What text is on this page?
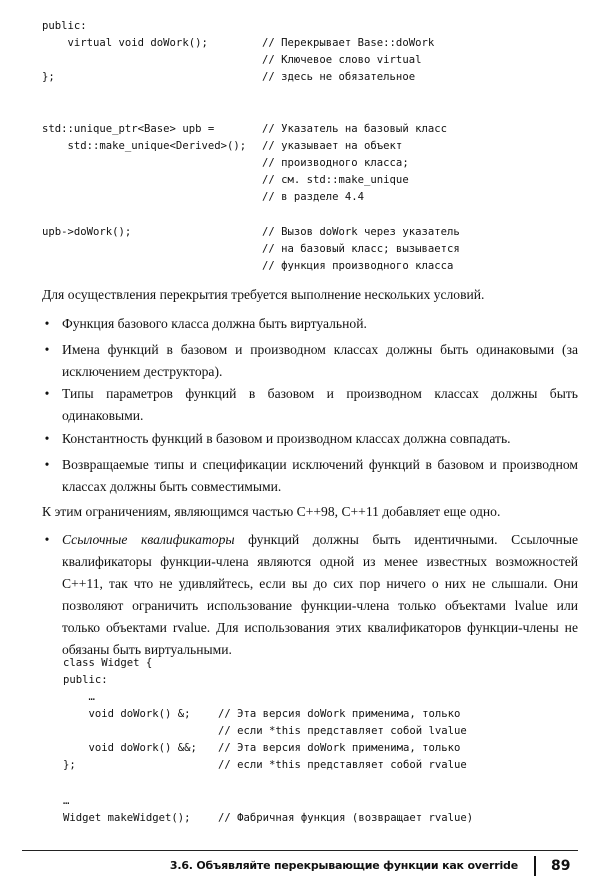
public:
virtual void doWork();	// Перекрывает Base::doWork
// Ключевое слово virtual
};	// здесь не обязательное
std::unique_ptr<Base> upb =	// Указатель на базовый класс
std::make_unique<Derived>(); // указывает на объект
// производного класса;
// см. std::make_unique
// в разделе 4.4
upb->doWork();	// Вызов doWork через указатель
// на базовый класс; вызывается
// функция производного класса

Для осуществления перекрытия требуется выполнение нескольких условий.

• Функция базового класса должна быть виртуальной.

• Имена функций в базовом и производном классах должны быть одинаковыми (за исключением деструктора).

• Типы параметров функций в базовом и производном классах должны быть одинаковыми.

• Константность функций в базовом и производном классах должна совпадать.

• Возвращаемые типы и спецификации исключений функций в базовом и производном классах должны быть совместимыми.

К этим ограничениям, являющимся частью С++98, С++11 добавляет еще одно.

• Ссылочные квалификаторы функций должны быть идентичными. Ссылочные квалификаторы функции-члена являются одной из менее известных возможностей С++11, так что не удивляйтесь, если вы до сих пор ничего о них не слышали. Они позволяют ограничить использование функции-члена только объектами lvalue или только объектами rvalue. Для использования этих квалификаторов функции-члены не обязаны быть виртуальными.

class Widget {
public:
…
void doWork() &;	// Эта версия doWork применима, только
// если *this представляет собой lvalue
void doWork() &&; // Эта версия doWork применима, только
};	// если *this представляет собой rvalue
…
Widget makeWidget();	// Фабричная функция (возвращает rvalue)
3.6. Объявляйте перекрывающие функции как override 89
